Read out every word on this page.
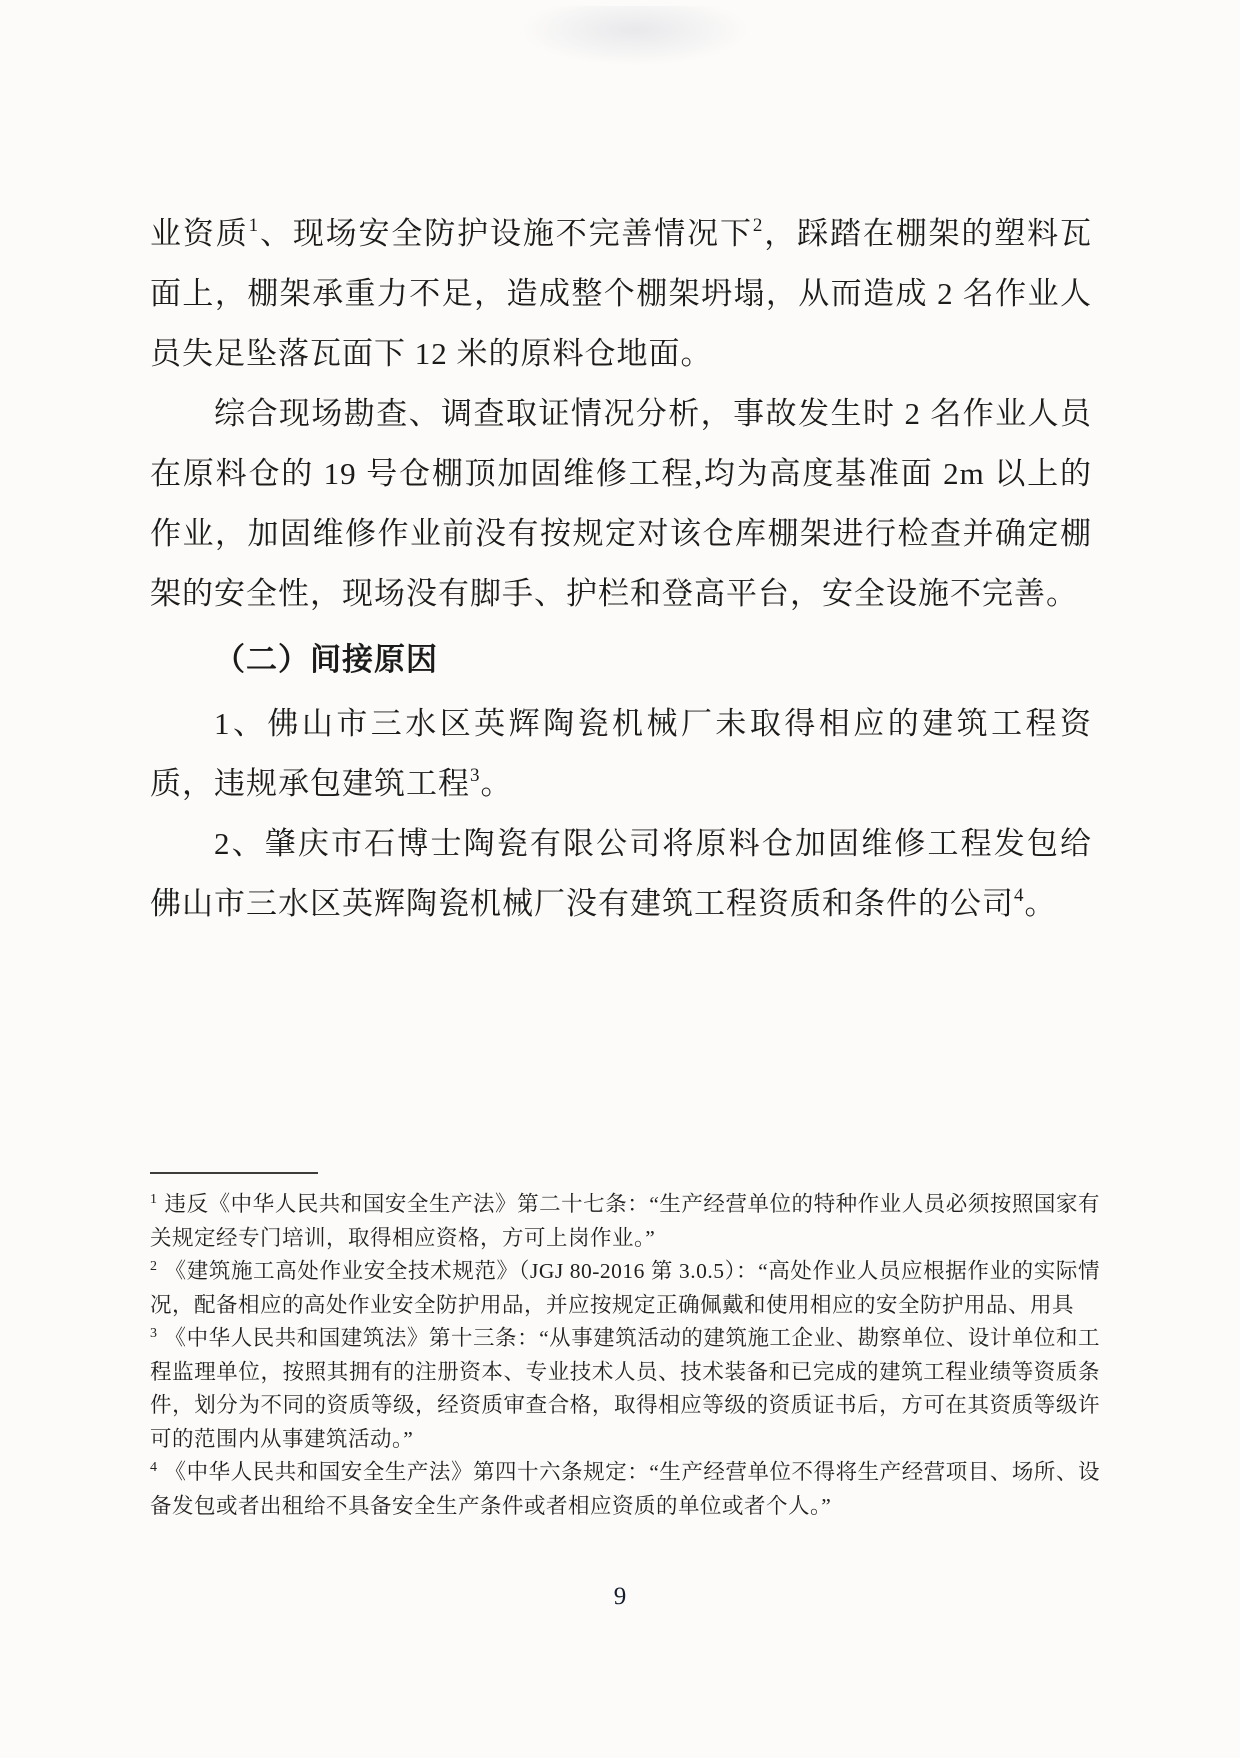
业资质$^1$、现场安全防护设施不完善情况下$^2$，踩踏在棚架的塑料瓦面上，棚架承重力不足，造成整个棚架坍塌，从而造成 2 名作业人员失足坠落瓦面下 12 米的原料仓地面。

综合现场勘查、调查取证情况分析，事故发生时 2 名作业人员在原料仓的 19 号仓棚顶加固维修工程,均为高度基准面 2m 以上的作业，加固维修作业前没有按规定对该仓库棚架进行检查并确定棚架的安全性，现场没有脚手、护栏和登高平台，安全设施不完善。

（二）间接原因

1、佛山市三水区英辉陶瓷机械厂未取得相应的建筑工程资质，违规承包建筑工程$^3$。

2、肇庆市石博士陶瓷有限公司将原料仓加固维修工程发包给佛山市三水区英辉陶瓷机械厂没有建筑工程资质和条件的公司$^4$。

$^1$ 违反《中华人民共和国安全生产法》第二十七条：“生产经营单位的特种作业人员必须按照国家有关规定经专门培训，取得相应资格，方可上岗作业。”
$^2$ 《建筑施工高处作业安全技术规范》（JGJ 80-2016 第 3.0.5）：“高处作业人员应根据作业的实际情况，配备相应的高处作业安全防护用品，并应按规定正确佩戴和使用相应的安全防护用品、用具
$^3$ 《中华人民共和国建筑法》第十三条：“从事建筑活动的建筑施工企业、勘察单位、设计单位和工程监理单位，按照其拥有的注册资本、专业技术人员、技术装备和已完成的建筑工程业绩等资质条件，划分为不同的资质等级，经资质审查合格，取得相应等级的资质证书后，方可在其资质等级许可的范围内从事建筑活动。”
$^4$ 《中华人民共和国安全生产法》第四十六条规定：“生产经营单位不得将生产经营项目、场所、设备发包或者出租给不具备安全生产条件或者相应资质的单位或者个人。”
9
